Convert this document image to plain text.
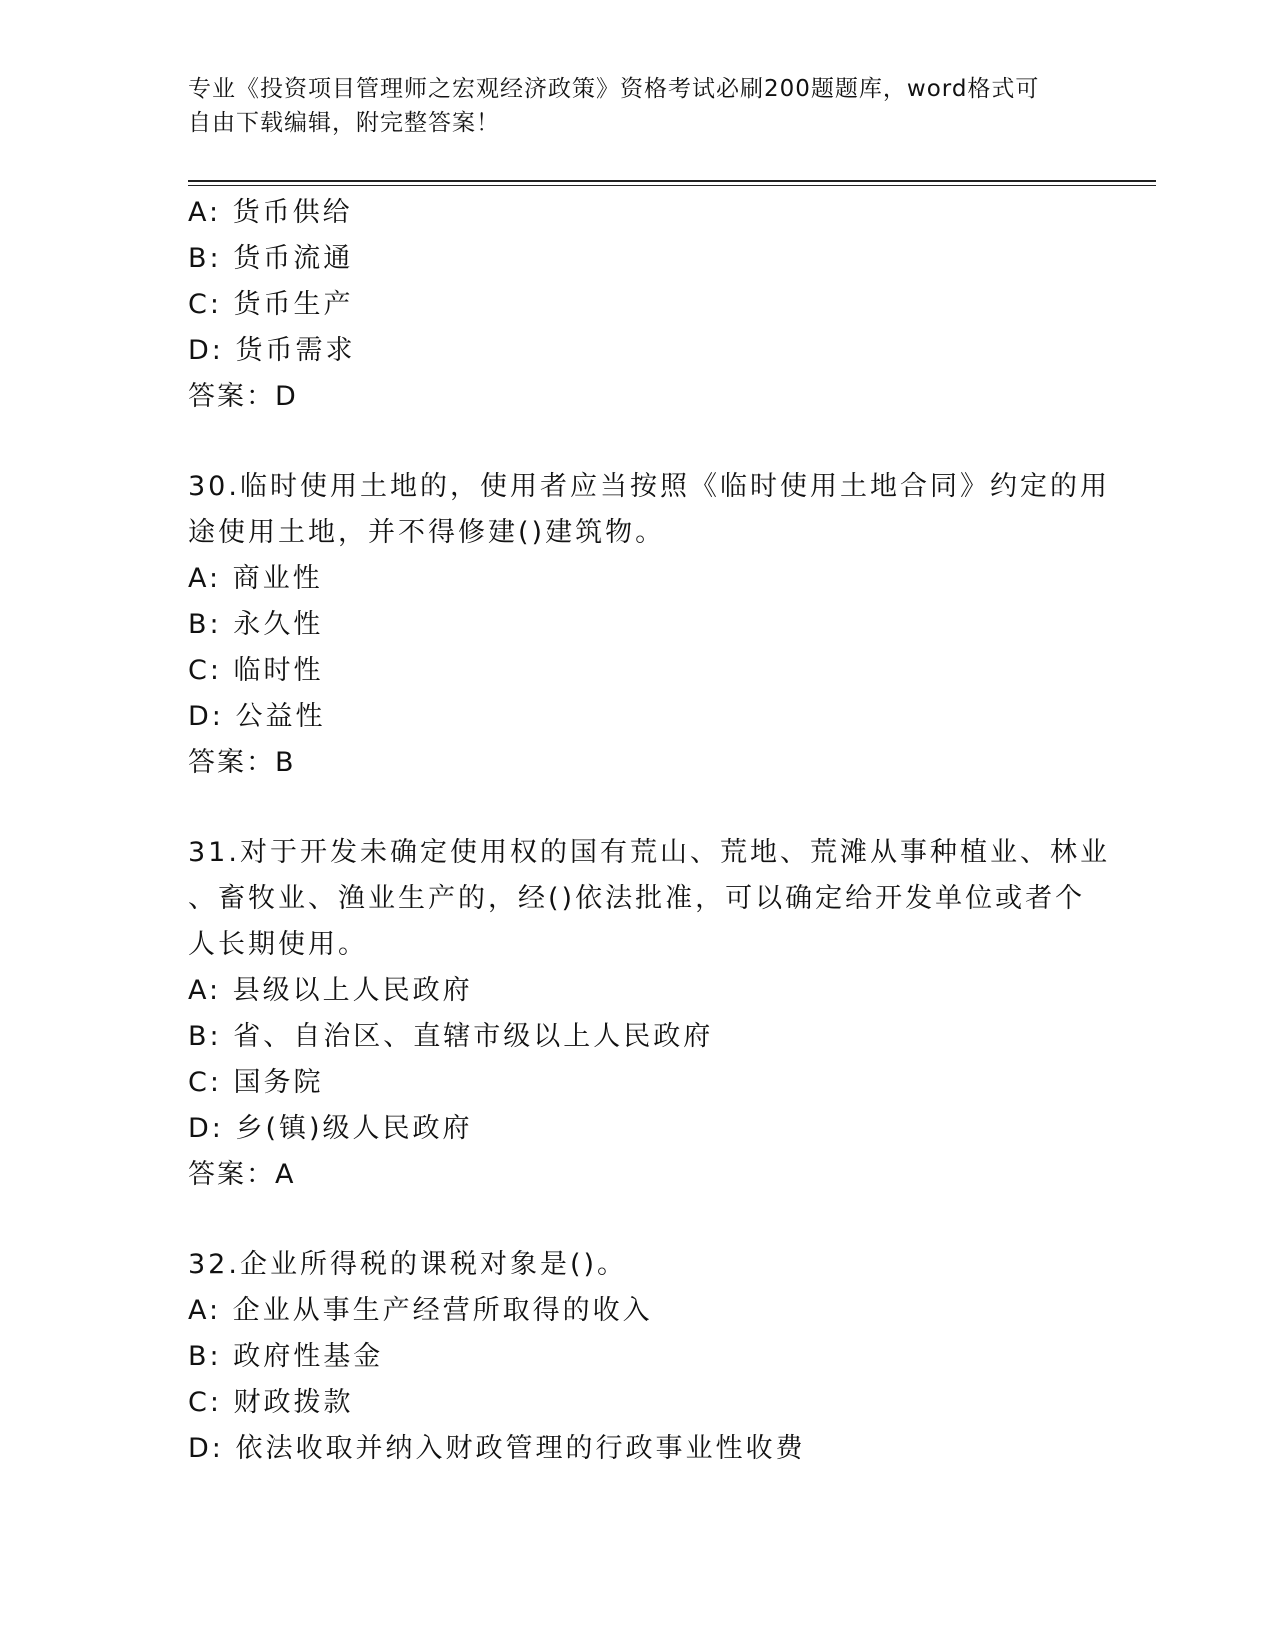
专业《投资项目管理师之宏观经济政策》资格考试必刷200题题库，word格式可
自由下载编辑，附完整答案！
A: 货币供给
B: 货币流通
C: 货币生产
D: 货币需求
答案：D
30.临时使用土地的，使用者应当按照《临时使用土地合同》约定的用
途使用土地，并不得修建()建筑物。
A: 商业性
B: 永久性
C: 临时性
D: 公益性
答案：B
31.对于开发未确定使用权的国有荒山、荒地、荒滩从事种植业、林业
、畜牧业、渔业生产的，经()依法批准，可以确定给开发单位或者个
人长期使用。
A: 县级以上人民政府
B: 省、自治区、直辖市级以上人民政府
C: 国务院
D: 乡(镇)级人民政府
答案：A
32.企业所得税的课税对象是()。
A: 企业从事生产经营所取得的收入
B: 政府性基金
C: 财政拨款
D: 依法收取并纳入财政管理的行政事业性收费
